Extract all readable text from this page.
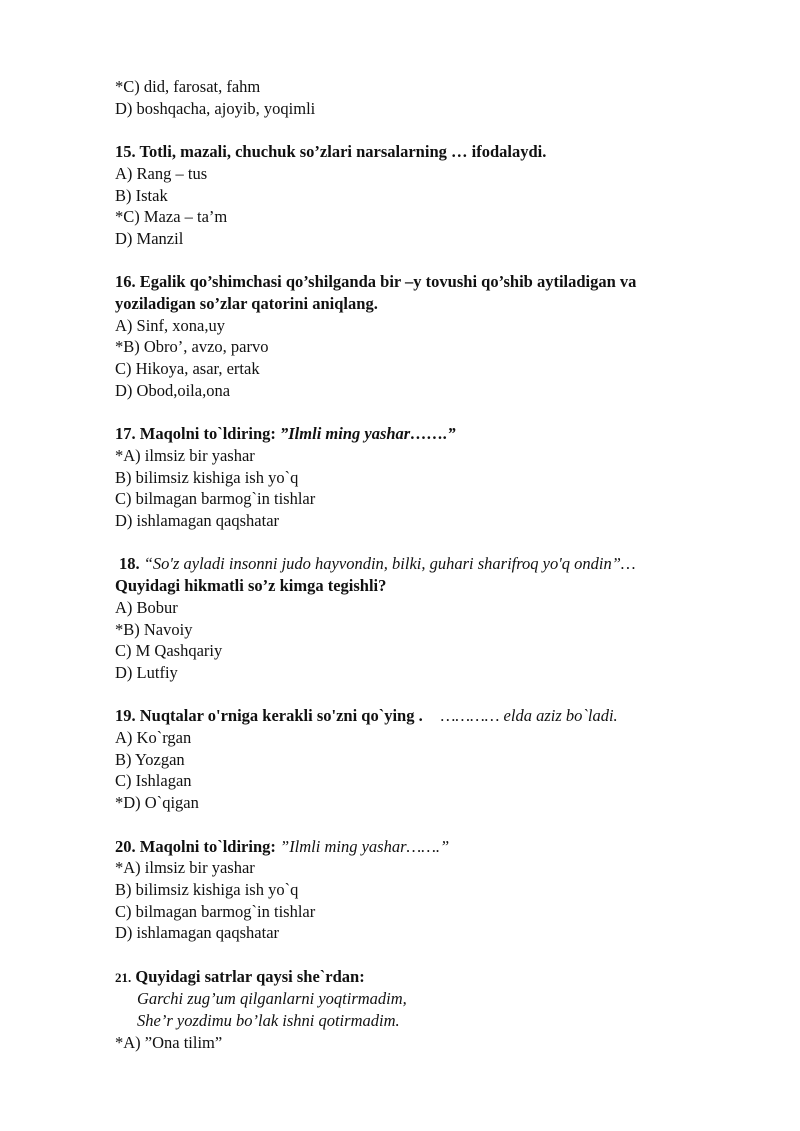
*C) did, farosat, fahm
D) boshqacha, ajoyib, yoqimli
15. Totli, mazali, chuchuk so’zlari narsalarning … ifodalaydi.
A) Rang – tus
B) Istak
*C) Maza – ta’m
D) Manzil
16. Egalik qo’shimchasi qo’shilganda bir –y tovushi qo’shib aytiladigan va
yoziladigan so’zlar qatorini aniqlang.
A) Sinf, xona,uy
*B) Obro’, avzo, parvo
C) Hikoya, asar, ertak
D) Obod,oila,ona
17. Maqolni to`ldiring: ”Ilmli ming yashar…….”
*A) ilmsiz bir yashar
B) bilimsiz kishiga ish yo`q
C) bilmagan barmog`in tishlar
D) ishlamagan qaqshatar
18. “So'z ayladi insonni judo hayvondin, bilki, guhari sharifroq yo'q ondin”…
Quyidagi hikmatli so’z kimga tegishli?
A) Bobur
*B) Navoiy
C) M Qashqariy
D) Lutfiy
19. Nuqtalar o'rniga kerakli so'zni qo`ying . ………… elda aziz bo`ladi.
A) Ko`rgan
B) Yozgan
C) Ishlagan
*D) O`qigan
20. Maqolni to`ldiring: ”Ilmli ming yashar…….”
*A) ilmsiz bir yashar
B) bilimsiz kishiga ish yo`q
C) bilmagan barmog`in tishlar
D) ishlamagan qaqshatar
21. Quyidagi satrlar qaysi she`rdan:
Garchi zug’um qilganlarni yoqtirmadim,
She’r yozdimu bo’lak ishni qotirmadim.
*A) ”Ona tilim”
